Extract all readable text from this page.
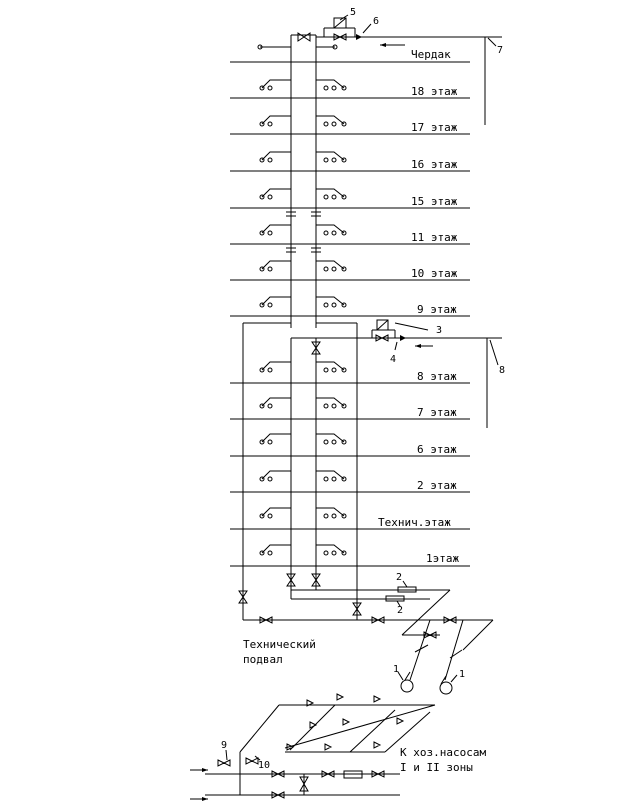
5
6
7
3
4
8
2
2
1	1
9
10
Чердак
18 этаж
17 этаж
16 этаж
15 этаж
11 этаж
10 этаж
9 этаж
8 этаж
7 этаж
6 этаж
2 этаж
Технич.этаж
1этаж
Технический
подвал
К хоз.насосам
I и II зоны
